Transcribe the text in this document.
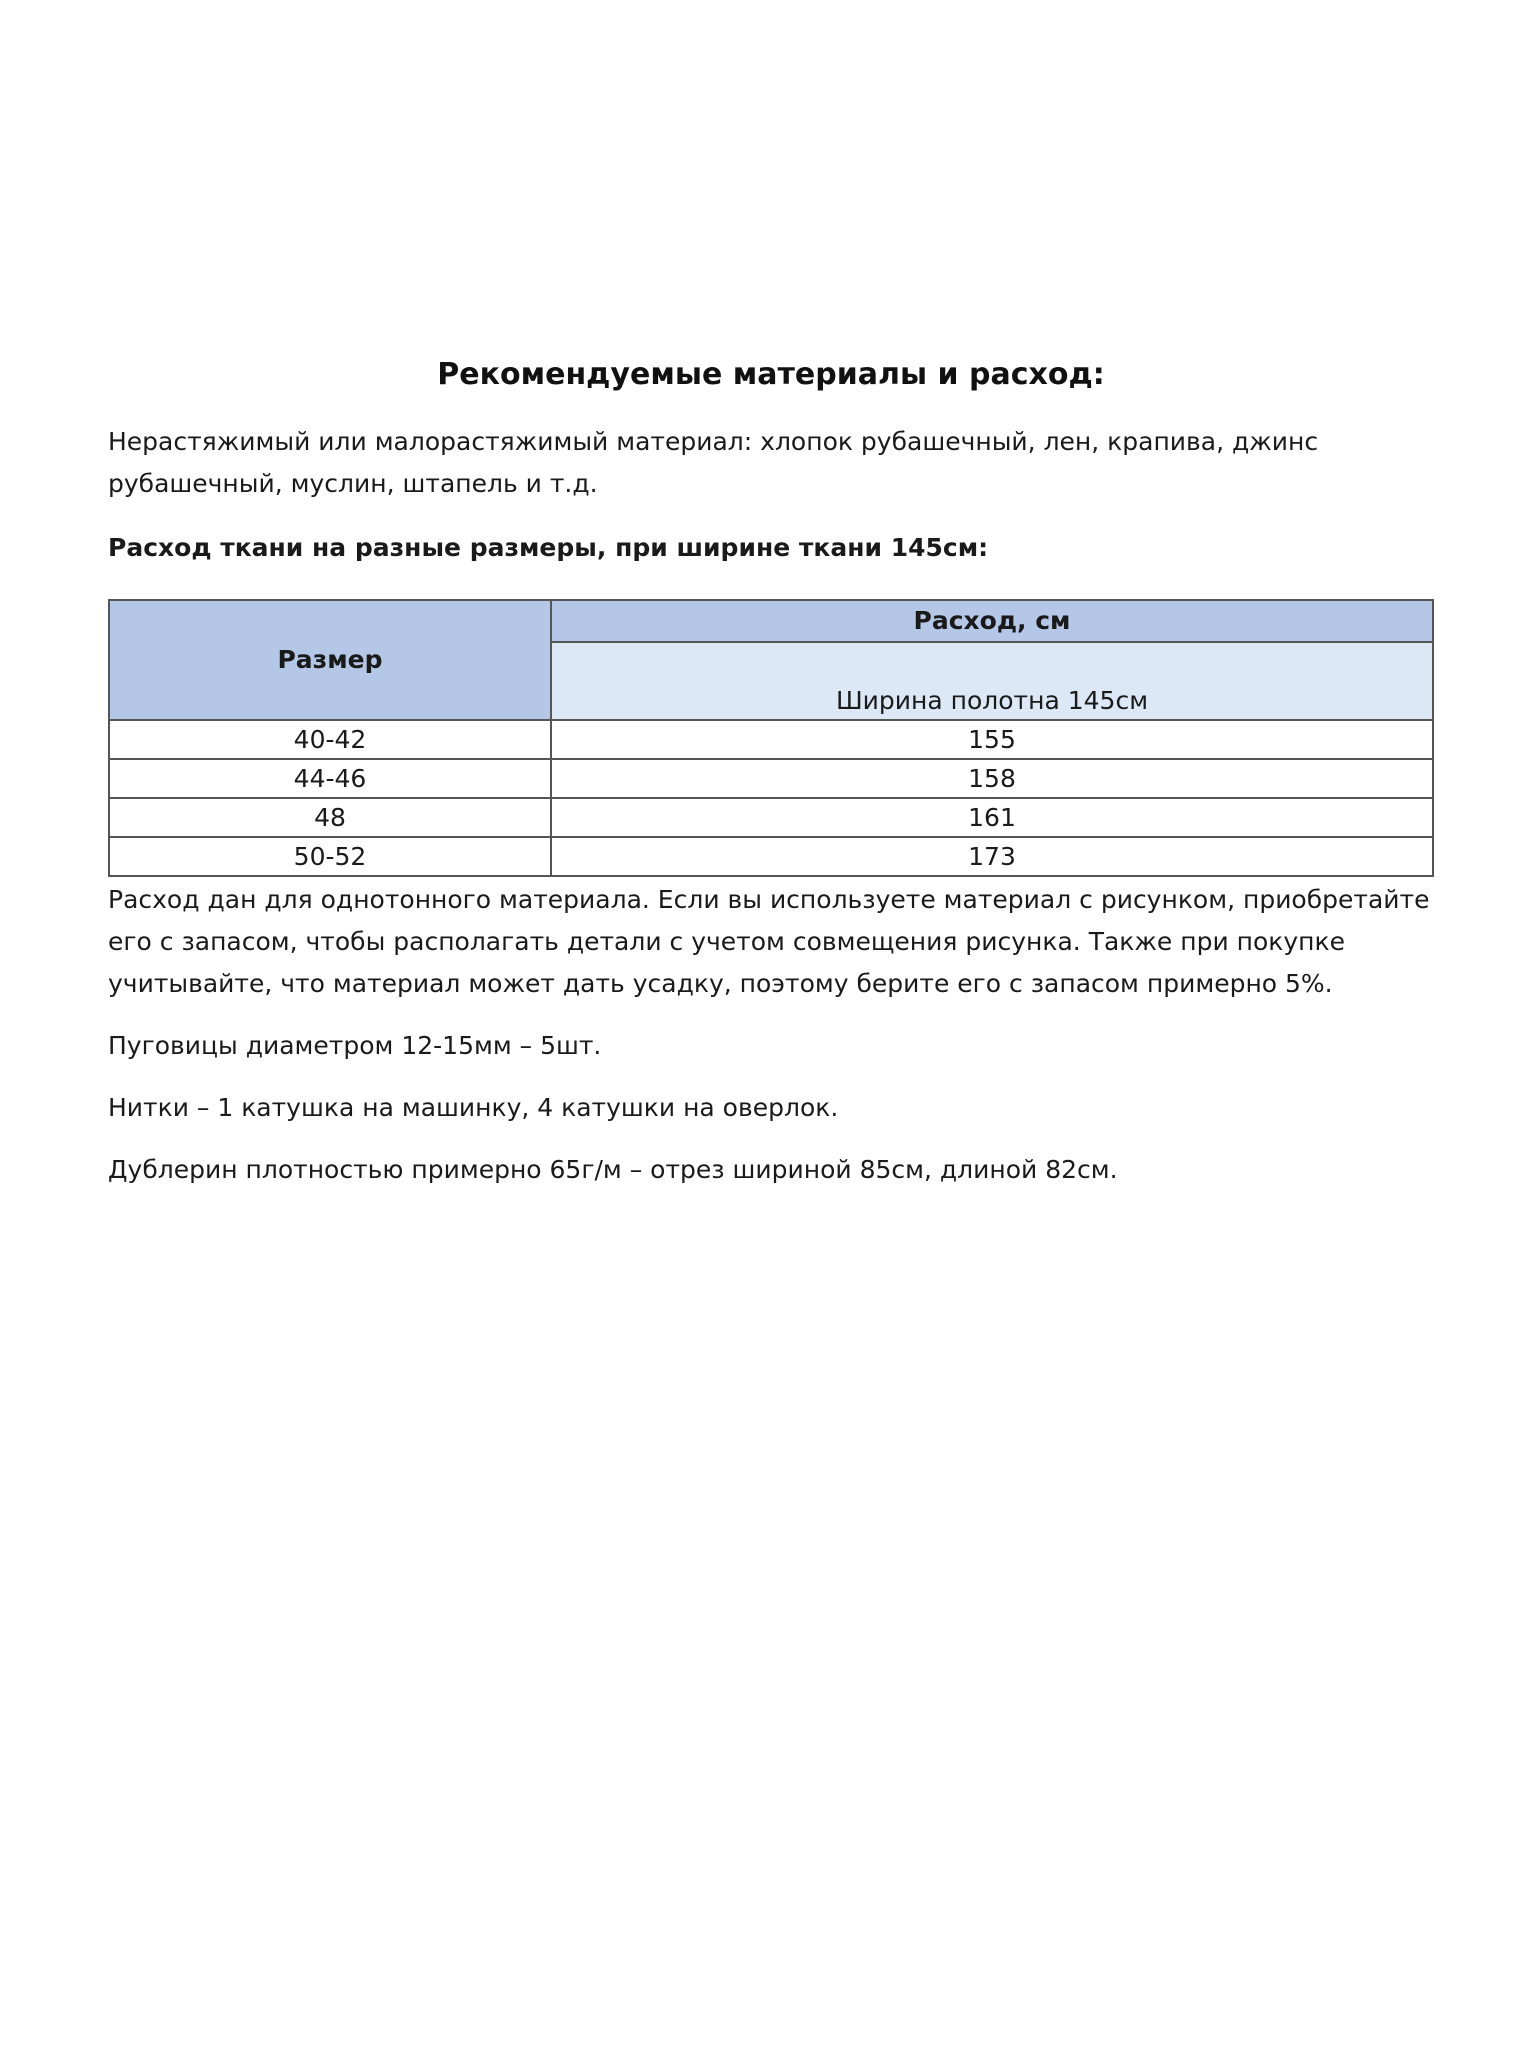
Рекомендуемые материалы и расход:

Нерастяжимый или малорастяжимый материал: хлопок рубашечный, лен, крапива, джинс рубашечный, муслин, штапель и т.д.

Расход ткани на разные размеры, при ширине ткани 145см:

Размер	Расход, см
	Ширина полотна 145см
40-42	155
44-46	158
48	161
50-52	173

Расход дан для однотонного материала. Если вы используете материал с рисунком, приобретайте его с запасом, чтобы располагать детали с учетом совмещения рисунка. Также при покупке учитывайте, что материал может дать усадку, поэтому берите его с запасом примерно 5%.

Пуговицы диаметром 12-15мм – 5шт.

Нитки – 1 катушка на машинку, 4 катушки на оверлок.

Дублерин плотностью примерно 65г/м – отрез шириной 85см, длиной 82см.
